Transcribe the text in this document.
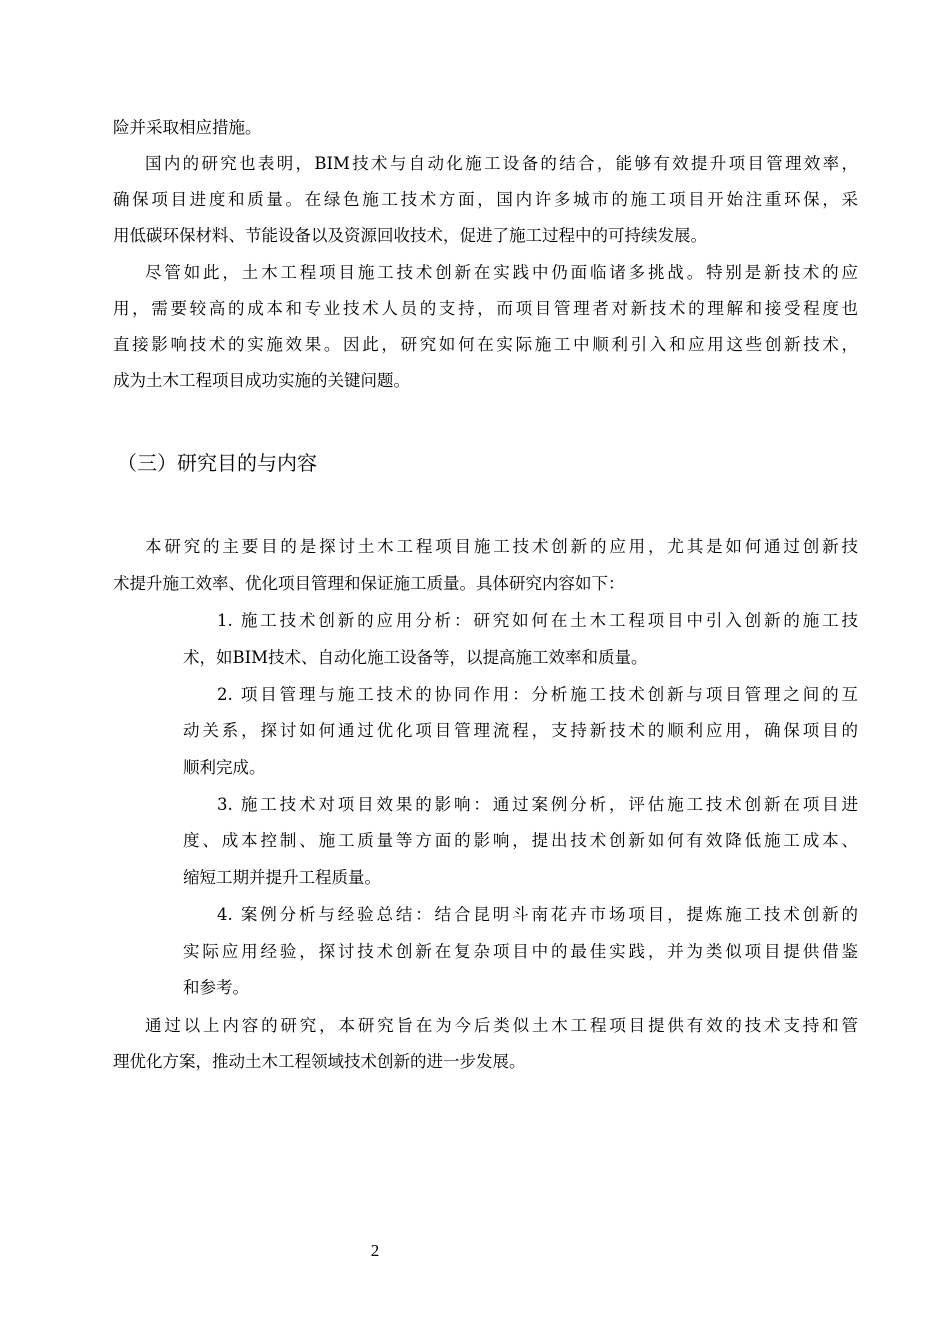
险并采取相应措施。
国内的研究也表明，BIM技术与自动化施工设备的结合，能够有效提升项目管理效率，
确保项目进度和质量。在绿色施工技术方面，国内许多城市的施工项目开始注重环保，采
用低碳环保材料、节能设备以及资源回收技术，促进了施工过程中的可持续发展。
尽管如此，土木工程项目施工技术创新在实践中仍面临诸多挑战。特别是新技术的应
用，需要较高的成本和专业技术人员的支持，而项目管理者对新技术的理解和接受程度也
直接影响技术的实施效果。因此，研究如何在实际施工中顺利引入和应用这些创新技术，
成为土木工程项目成功实施的关键问题。
（三）研究目的与内容
本研究的主要目的是探讨土木工程项目施工技术创新的应用，尤其是如何通过创新技
术提升施工效率、优化项目管理和保证施工质量。具体研究内容如下：
1. 施工技术创新的应用分析：研究如何在土木工程项目中引入创新的施工技
术，如BIM技术、自动化施工设备等，以提高施工效率和质量。
2. 项目管理与施工技术的协同作用：分析施工技术创新与项目管理之间的互
动关系，探讨如何通过优化项目管理流程，支持新技术的顺利应用，确保项目的
顺利完成。
3. 施工技术对项目效果的影响：通过案例分析，评估施工技术创新在项目进
度、成本控制、施工质量等方面的影响，提出技术创新如何有效降低施工成本、
缩短工期并提升工程质量。
4. 案例分析与经验总结：结合昆明斗南花卉市场项目，提炼施工技术创新的
实际应用经验，探讨技术创新在复杂项目中的最佳实践，并为类似项目提供借鉴
和参考。
通过以上内容的研究，本研究旨在为今后类似土木工程项目提供有效的技术支持和管
理优化方案，推动土木工程领域技术创新的进一步发展。
2
